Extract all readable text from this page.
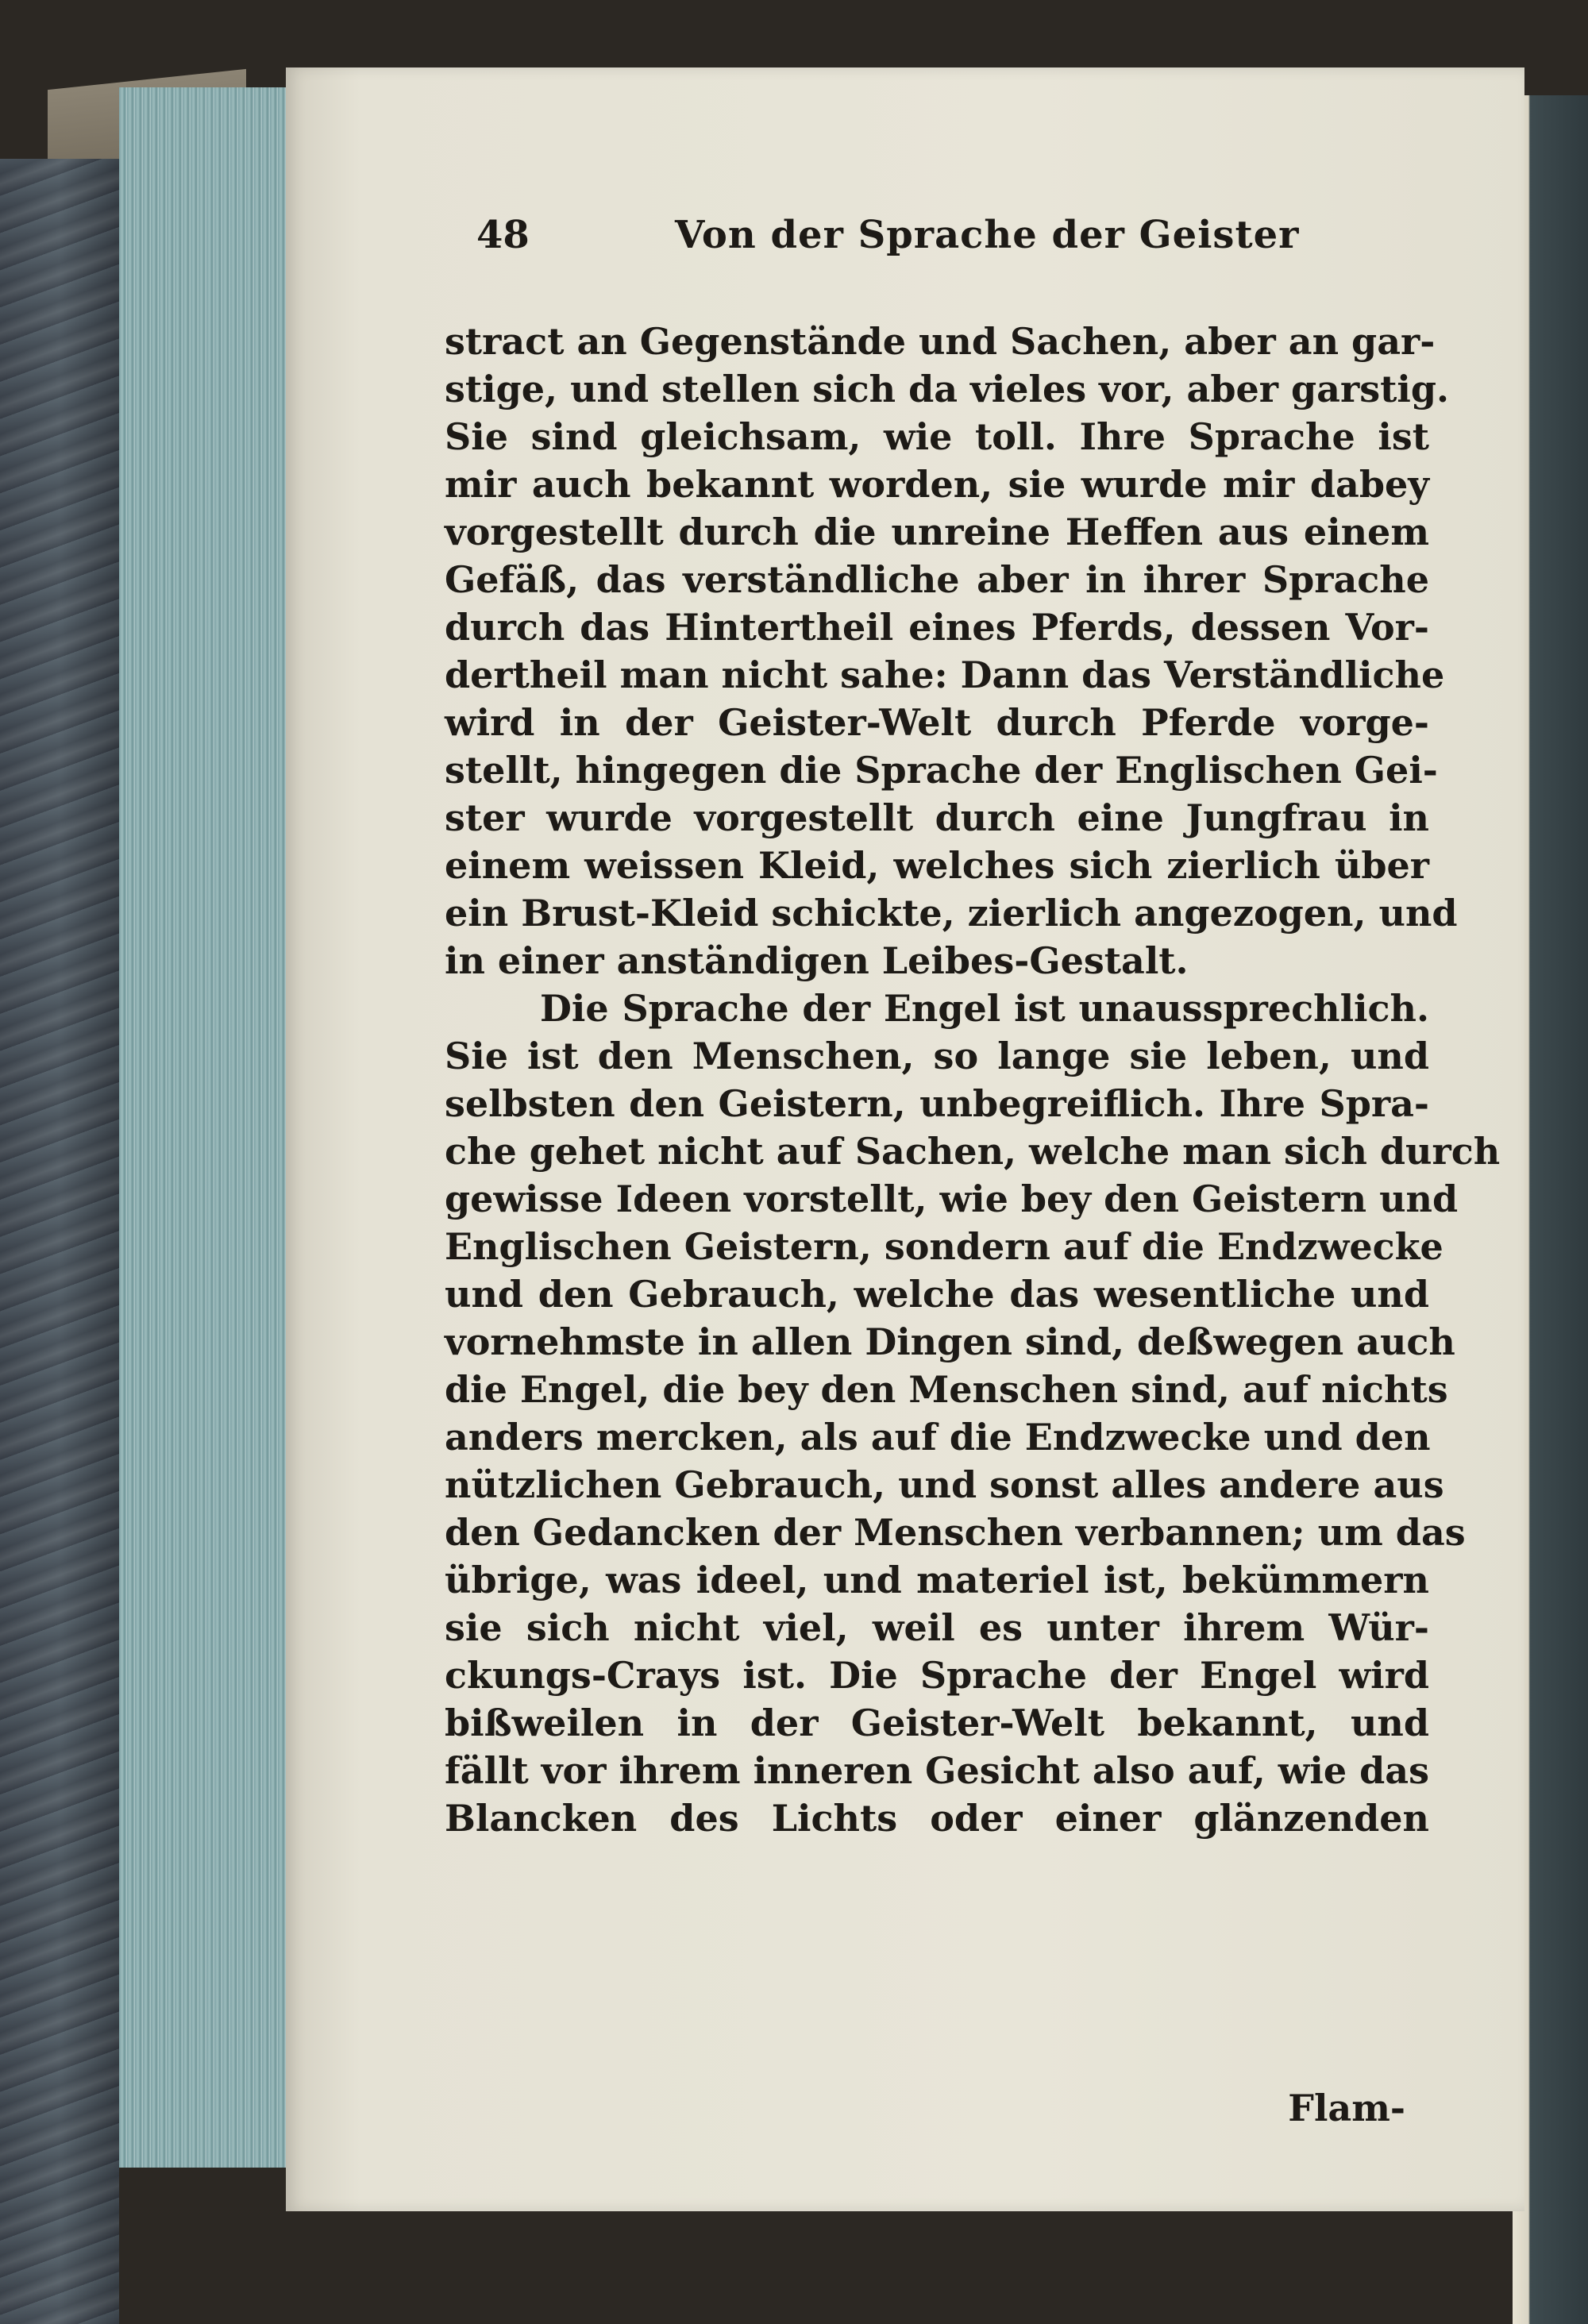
48	Von der Sprache der Geister
stract an Gegenstände und Sachen, aber an gar-
stige, und stellen sich da vieles vor, aber garstig.
Sie sind gleichsam, wie toll. Ihre Sprache ist
mir auch bekannt worden, sie wurde mir dabey
vorgestellt durch die unreine Heffen aus einem
Gefäß, das verständliche aber in ihrer Sprache
durch das Hintertheil eines Pferds, dessen Vor-
dertheil man nicht sahe: Dann das Verständliche
wird in der Geister-Welt durch Pferde vorge-
stellt, hingegen die Sprache der Englischen Gei-
ster wurde vorgestellt durch eine Jungfrau in
einem weissen Kleid, welches sich zierlich über
ein Brust-Kleid schickte, zierlich angezogen, und
in einer anständigen Leibes-Gestalt.
Die Sprache der Engel ist unaussprechlich.
Sie ist den Menschen, so lange sie leben, und
selbsten den Geistern, unbegreiflich. Ihre Spra-
che gehet nicht auf Sachen, welche man sich durch
gewisse Ideen vorstellt, wie bey den Geistern und
Englischen Geistern, sondern auf die Endzwecke
und den Gebrauch, welche das wesentliche und
vornehmste in allen Dingen sind, deßwegen auch
die Engel, die bey den Menschen sind, auf nichts
anders mercken, als auf die Endzwecke und den
nützlichen Gebrauch, und sonst alles andere aus
den Gedancken der Menschen verbannen; um das
übrige, was ideel, und materiel ist, bekümmern
sie sich nicht viel, weil es unter ihrem Wür-
ckungs-Crays ist. Die Sprache der Engel wird
bißweilen in der Geister-Welt bekannt, und
fällt vor ihrem inneren Gesicht also auf, wie das
Blancken des Lichts oder einer glänzenden
Flam-
